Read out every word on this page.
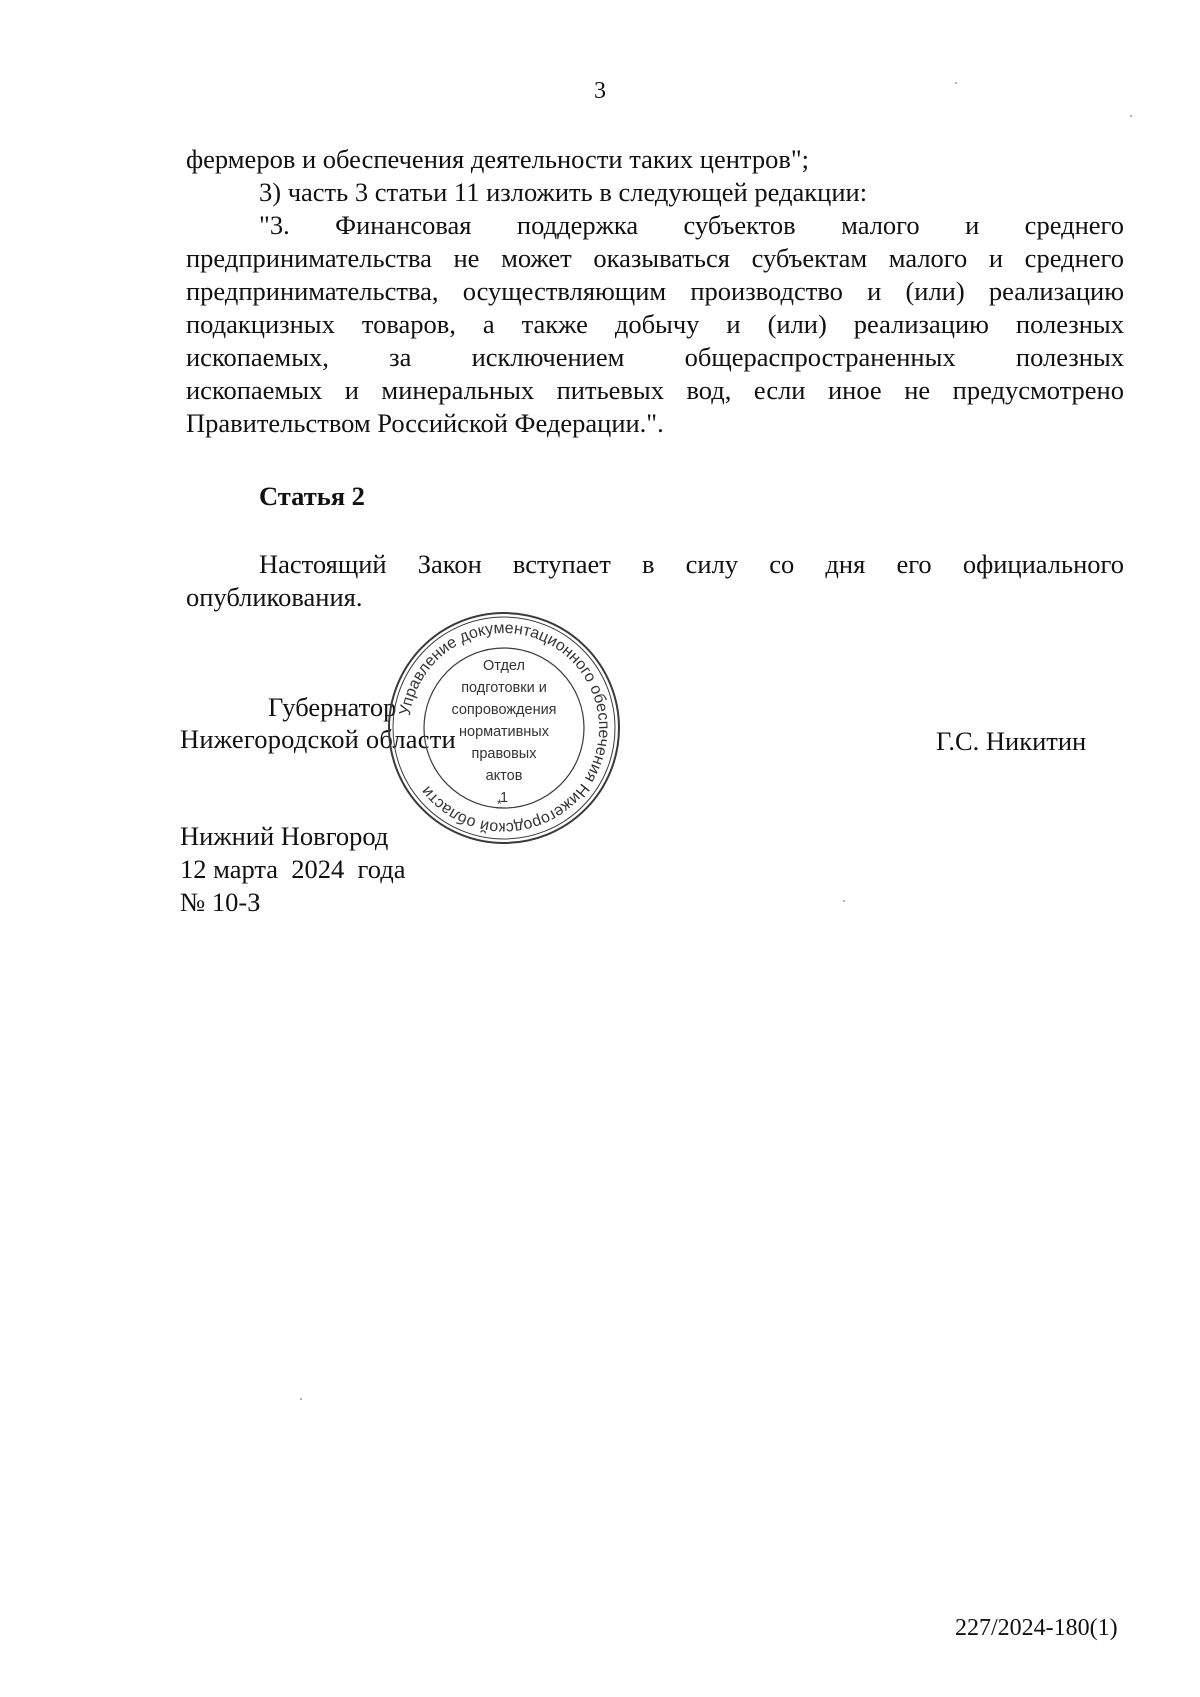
3

фермеров и обеспечения деятельности таких центров";

3) часть 3 статьи 11 изложить в следующей редакции:

"3. Финансовая поддержка субъектов малого и среднего
предпринимательства не может оказываться субъектам малого и среднего
предпринимательства, осуществляющим производство и (или) реализацию
подакцизных товаров, а также добычу и (или) реализацию полезных
ископаемых, за исключением общераспространенных полезных
ископаемых и минеральных питьевых вод, если иное не предусмотрено
Правительством Российской Федерации.".
Статья 2
Настоящий Закон вступает в силу со дня его официального
опубликования.
Губернатор
Нижегородской области	Г.С. Никитин
Нижний Новгород
12 марта  2024  года
№ 10-З
Управление документационного обеспечения Нижегородской области
*
Отдел
подготовки и
сопровождения
нормативных
правовых
актов
1
227/2024-180(1)
